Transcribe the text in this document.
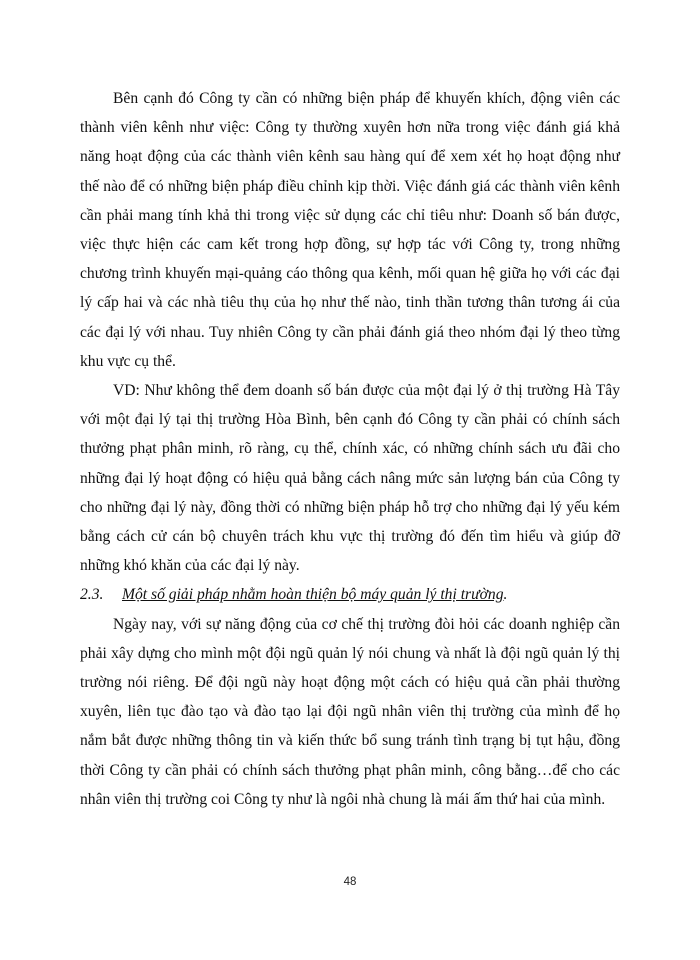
Bên cạnh đó Công ty cần có những biện pháp để khuyến khích, động viên các thành viên kênh như việc: Công ty thường xuyên hơn nữa trong việc đánh giá khả năng hoạt động của các thành viên kênh sau hàng quí để xem xét họ hoạt động như thế nào để có những biện pháp điều chỉnh kịp thời. Việc đánh giá các thành viên kênh cần phải mang tính khả thi trong việc sử dụng các chỉ tiêu như: Doanh số bán được, việc thực hiện các cam kết trong hợp đồng, sự hợp tác với Công ty, trong những chương trình khuyến mại-quảng cáo thông qua kênh, mối quan hệ giữa họ với các đại lý cấp hai và các nhà tiêu thụ của họ như thế nào, tinh thần tương thân tương ái của các đại lý với nhau. Tuy nhiên Công ty cần phải đánh giá theo nhóm đại lý theo từng khu vực cụ thể.

VD: Như không thể đem doanh số bán được của một đại lý ở thị trường Hà Tây với một đại lý tại thị trường Hòa Bình, bên cạnh đó Công ty cần phải có chính sách thưởng phạt phân minh, rõ ràng, cụ thể, chính xác, có những chính sách ưu đãi cho những đại lý hoạt động có hiệu quả bằng cách nâng mức sản lượng bán của Công ty cho những đại lý này, đồng thời có những biện pháp hỗ trợ cho những đại lý yếu kém bằng cách cử cán bộ chuyên trách khu vực thị trường đó đến tìm hiểu và giúp đỡ những khó khăn của các đại lý này.

2.3. Một số giải pháp nhằm hoàn thiện bộ máy quản lý thị trường.

Ngày nay, với sự năng động của cơ chế thị trường đòi hỏi các doanh nghiệp cần phải xây dựng cho mình một đội ngũ quản lý nói chung và nhất là đội ngũ quản lý thị trường nói riêng. Để đội ngũ này hoạt động một cách có hiệu quả cần phải thường xuyên, liên tục đào tạo và đào tạo lại đội ngũ nhân viên thị trường của mình để họ nắm bắt được những thông tin và kiến thức bổ sung tránh tình trạng bị tụt hậu, đồng thời Công ty cần phải có chính sách thưởng phạt phân minh, công bằng…để cho các nhân viên thị trường coi Công ty như là ngôi nhà chung là mái ấm thứ hai của mình.

48
